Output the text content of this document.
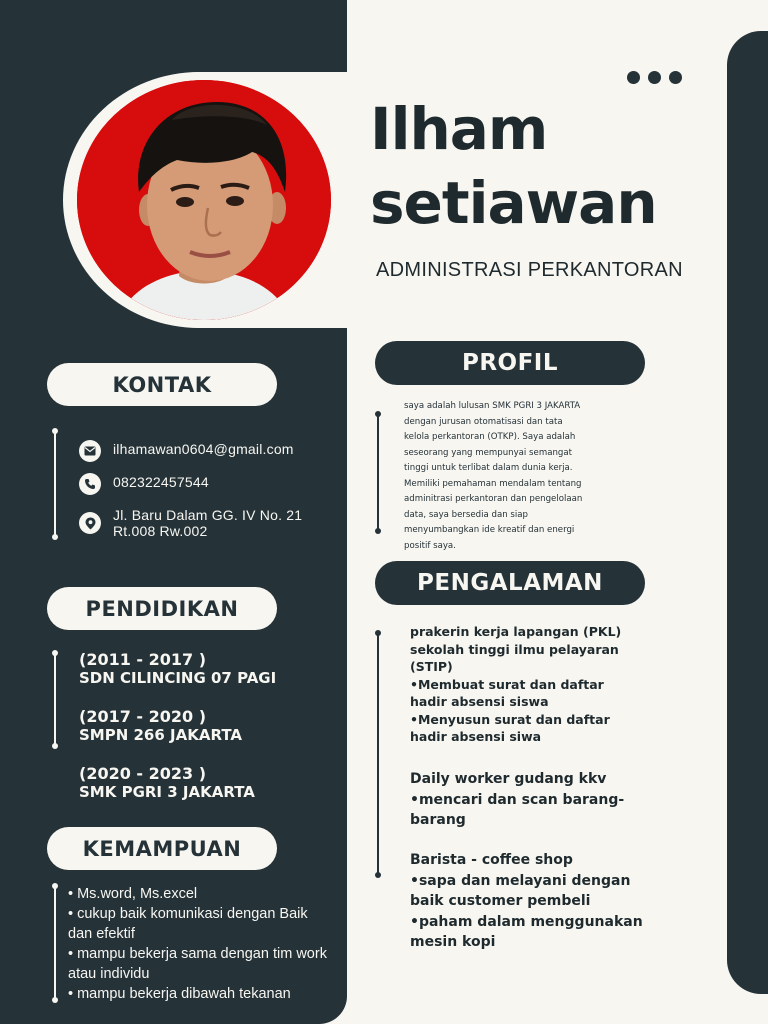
Ilham
setiawan
ADMINISTRASI PERKANTORAN
KONTAK
ilhamawan0604@gmail.com
082322457544
Jl. Baru Dalam GG. IV No. 21
Rt.008 Rw.002
PENDIDIKAN
(2011 - 2017 )
SDN CILINCING 07 PAGI
(2017 - 2020 )
SMPN 266 JAKARTA
(2020 - 2023 )
SMK PGRI 3 JAKARTA
KEMAMPUAN
• Ms.word, Ms.excel
• cukup baik komunikasi dengan Baik dan efektif
• mampu bekerja sama dengan tim work atau individu
• mampu bekerja dibawah tekanan
PROFIL
saya adalah lulusan SMK PGRI 3 JAKARTA
dengan jurusan otomatisasi dan tata
kelola perkantoran (OTKP). Saya adalah
seseorang yang mempunyai semangat
tinggi untuk terlibat dalam dunia kerja.
Memiliki pemahaman mendalam tentang
adminitrasi perkantoran dan pengelolaan
data, saya bersedia dan siap
menyumbangkan ide kreatif dan energi
positif saya.
PENGALAMAN
prakerin kerja lapangan (PKL)
sekolah tinggi ilmu pelayaran
(STIP)
•Membuat surat dan daftar
hadir absensi siswa
•Menyusun surat dan daftar
hadir absensi siwa
Daily worker gudang kkv
•mencari dan scan barang-
barang
Barista - coffee shop
•sapa dan melayani dengan
baik customer pembeli
•paham dalam menggunakan
mesin kopi
